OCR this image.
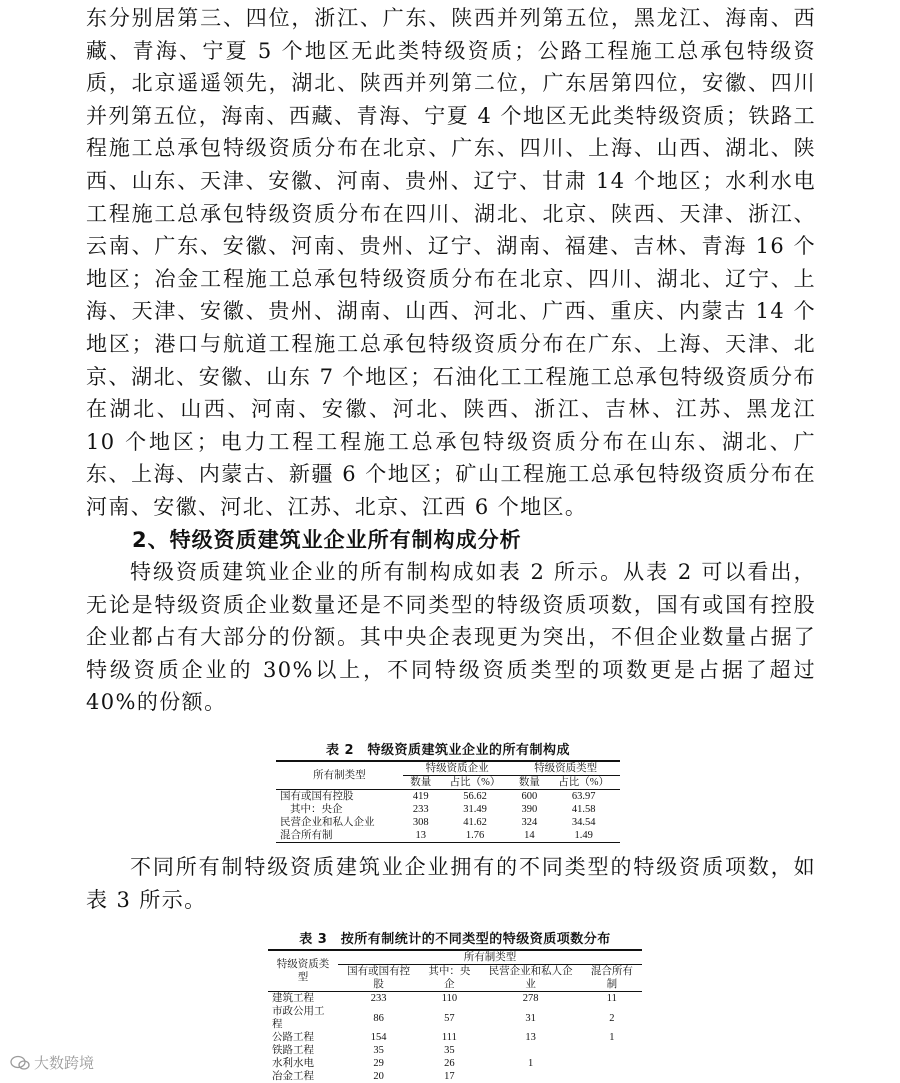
东分别居第三、四位，浙江、广东、陕西并列第五位，黑龙江、海南、西藏、青海、宁夏 5 个地区无此类特级资质；公路工程施工总承包特级资质，北京遥遥领先，湖北、陕西并列第二位，广东居第四位，安徽、四川并列第五位，海南、西藏、青海、宁夏 4 个地区无此类特级资质；铁路工程施工总承包特级资质分布在北京、广东、四川、上海、山西、湖北、陕西、山东、天津、安徽、河南、贵州、辽宁、甘肃 14 个地区；水利水电工程施工总承包特级资质分布在四川、湖北、北京、陕西、天津、浙江、云南、广东、安徽、河南、贵州、辽宁、湖南、福建、吉林、青海 16 个地区；冶金工程施工总承包特级资质分布在北京、四川、湖北、辽宁、上海、天津、安徽、贵州、湖南、山西、河北、广西、重庆、内蒙古 14 个地区；港口与航道工程施工总承包特级资质分布在广东、上海、天津、北京、湖北、安徽、山东 7 个地区；石油化工工程施工总承包特级资质分布在湖北、山西、河南、安徽、河北、陕西、浙江、吉林、江苏、黑龙江 10 个地区；电力工程工程施工总承包特级资质分布在山东、湖北、广东、上海、内蒙古、新疆 6 个地区；矿山工程施工总承包特级资质分布在河南、安徽、河北、江苏、北京、江西 6 个地区。

2、特级资质建筑业企业所有制构成分析

特级资质建筑业企业的所有制构成如表 2 所示。从表 2 可以看出，无论是特级资质企业数量还是不同类型的特级资质项数，国有或国有控股企业都占有大部分的份额。其中央企表现更为突出，不但企业数量占据了特级资质企业的 30%以上，不同特级资质类型的项数更是占据了超过 40%的份额。

表 2　特级资质建筑业企业的所有制构成
所有制类型	特级资质企业		特级资质类型	
	数量	占比（%）	数量	占比（%）
国有或国有控股	419	56.62	600	63.97
其中：央企	233	31.49	390	41.58
民营企业和私人企业	308	41.62	324	34.54
混合所有制	13	1.76	14	1.49

不同所有制特级资质建筑业企业拥有的不同类型的特级资质项数，如表 3 所示。

表 3　按所有制统计的不同类型的特级资质项数分布
特级资质类型	所有制类型			
	国有或国有控股	其中：央企	民营企业和私人企业	混合所有制
建筑工程	233	110	278	11
市政公用工程	86	57	31	2
公路工程	154	111	13	1
铁路工程	35	35		
水利水电	29	26	1	
冶金工程	20	17		
大数跨境
